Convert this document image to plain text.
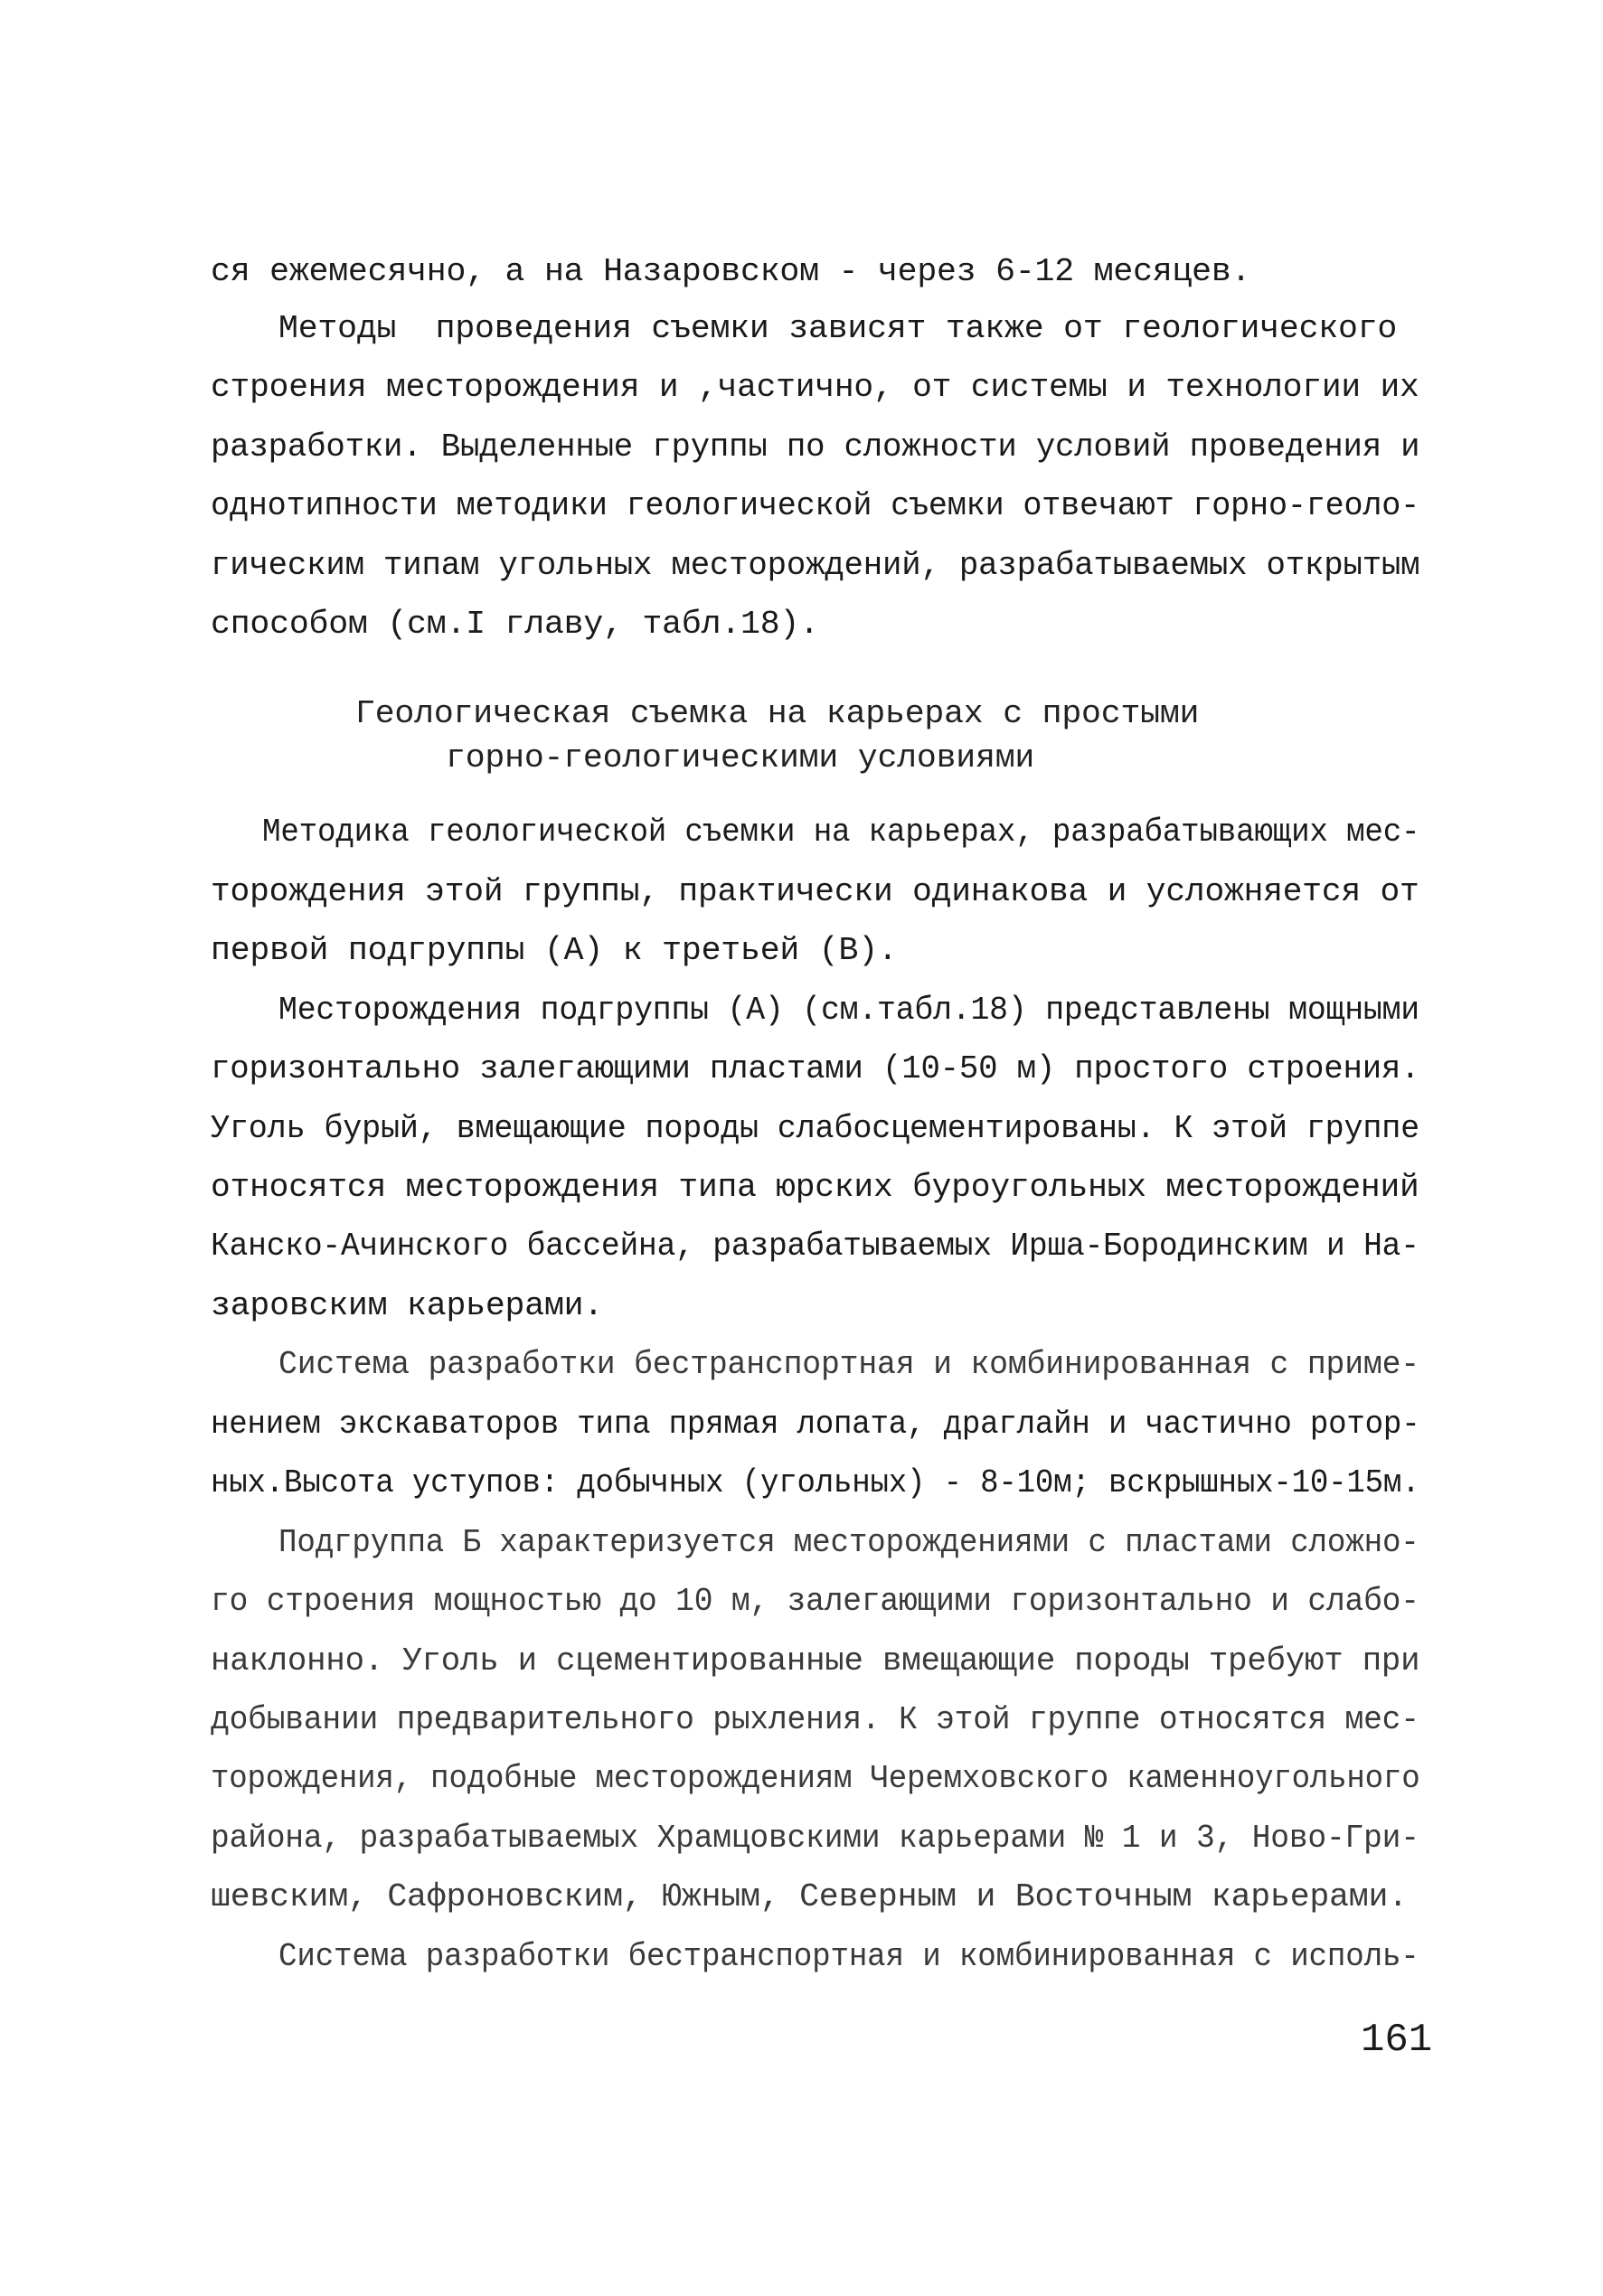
ся ежемесячно, а на Назаровском - через 6-12 месяцев.
Методы  проведения съемки зависят также от геологического
строения месторождения и ,частично, от системы и технологии их
разработки. Выделенные группы по сложности условий проведения и
однотипности методики геологической съемки отвечают горно-геоло-
гическим типам угольных месторождений, разрабатываемых открытым
способом (см.I главу, табл.18).
Геологическая съемка на карьерах с простыми
горно-геологическими условиями
Методика геологической съемки на карьерах, разрабатывающих мес-
торождения этой группы, практически одинакова и усложняется от
первой подгруппы (А) к третьей (В).
Месторождения подгруппы (А) (см.табл.18) представлены мощными
горизонтально залегающими пластами (10-50 м) простого строения.
Уголь бурый, вмещающие породы слабосцементированы. К этой группе
относятся месторождения типа юрских буроугольных месторождений
Канско-Ачинского бассейна, разрабатываемых Ирша-Бородинским и На-
заровским карьерами.
Система разработки бестранспортная и комбинированная с приме-
нением экскаваторов типа прямая лопата, драглайн и частично ротор-
ных.Высота уступов: добычных (угольных) - 8-10м; вскрышных-10-15м.
Подгруппа Б характеризуется месторождениями с пластами сложно-
го строения мощностью до 10 м, залегающими горизонтально и слабо-
наклонно. Уголь и сцементированные вмещающие породы требуют при
добывании предварительного рыхления. К этой группе относятся мес-
торождения, подобные месторождениям Черемховского каменноугольного
района, разрабатываемых Храмцовскими карьерами № 1 и 3, Ново-Гри-
шевским, Сафроновским, Южным, Северным и Восточным карьерами.
Система разработки бестранспортная и комбинированная с исполь-
161
